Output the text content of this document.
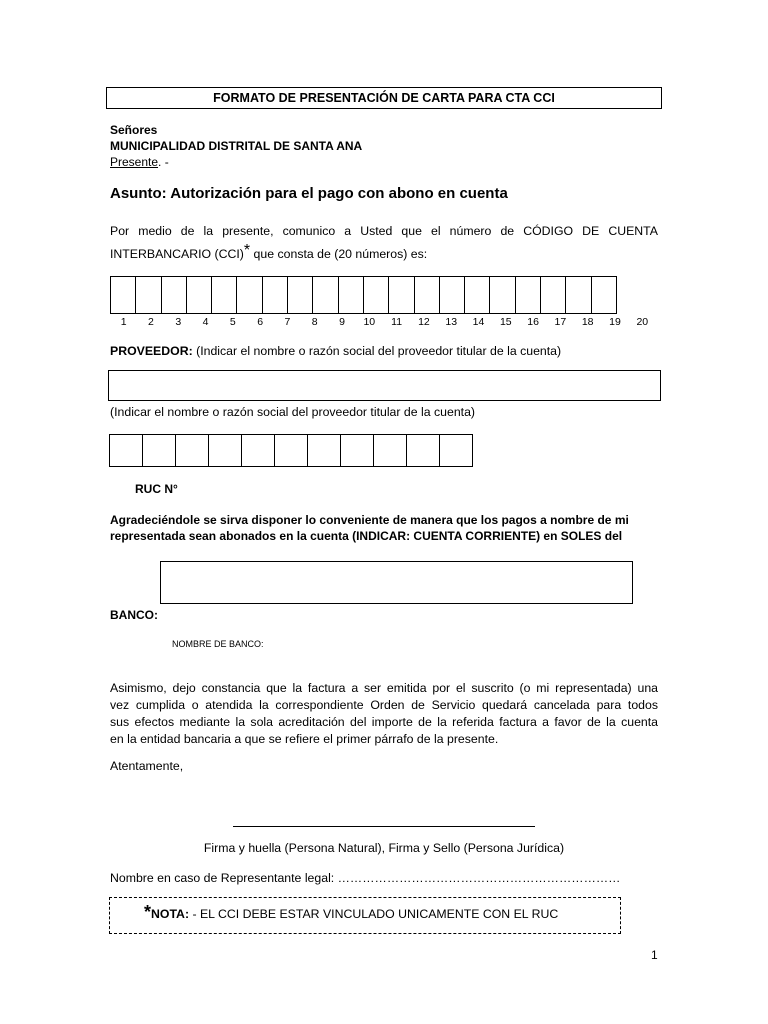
FORMATO DE PRESENTACIÓN DE CARTA PARA CTA CCI
Señores
MUNICIPALIDAD DISTRITAL DE SANTA ANA
Presente. -
Asunto: Autorización para el pago con abono en cuenta
Por medio de la presente, comunico a Usted que el número de CÓDIGO DE CUENTA
INTERBANCARIO (CCI)* que consta de (20 números) es:
1	2	3	4	5	6	7	8	9	10	11	12	13	14	15	16	17	18	19	20
PROVEEDOR: (Indicar el nombre o razón social del proveedor titular de la cuenta)
(Indicar el nombre o razón social del proveedor titular de la cuenta)
RUC N°
Agradeciéndole se sirva disponer lo conveniente de manera que los pagos a nombre de mi
representada sean abonados en la cuenta (INDICAR: CUENTA CORRIENTE) en SOLES del
BANCO:
NOMBRE DE BANCO:
Asimismo, dejo constancia que la factura a ser emitida por el suscrito (o mi representada) una
vez cumplida o atendida la correspondiente Orden de Servicio quedará cancelada para todos
sus efectos mediante la sola acreditación del importe de la referida factura a favor de la cuenta
en la entidad bancaria a que se refiere el primer párrafo de la presente.
Atentamente,
Firma y huella (Persona Natural), Firma y Sello (Persona Jurídica)
Nombre en caso de Representante legal: ……………………………………………………………
*NOTA: - EL CCI DEBE ESTAR VINCULADO UNICAMENTE CON EL RUC
1
